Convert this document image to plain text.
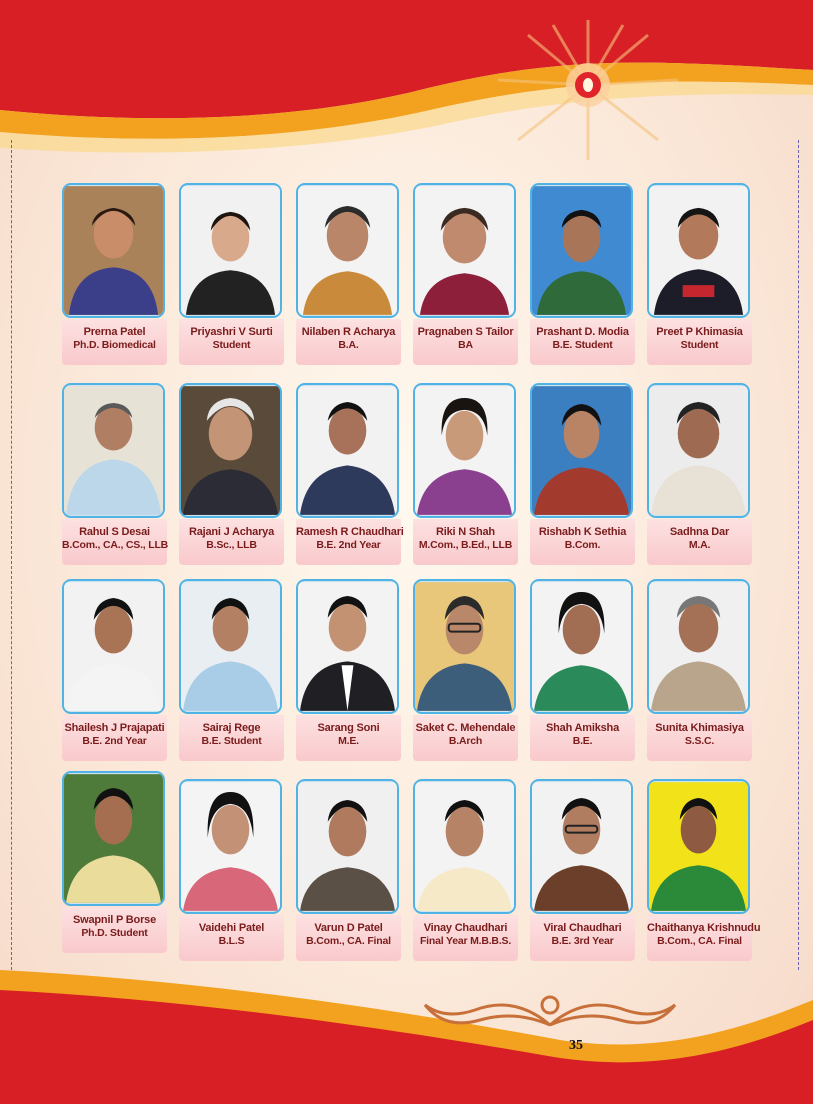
Prerna Patel
Ph.D. Biomedical
Priyashri V Surti
Student
Nilaben R Acharya
B.A.
Pragnaben S Tailor
BA
Prashant D. Modia
B.E. Student
Preet P Khimasia
Student
Rahul S Desai
B.Com., CA., CS., LLB
Rajani J Acharya
B.Sc., LLB
Ramesh R Chaudhari
B.E. 2nd Year
Riki N Shah
M.Com., B.Ed., LLB
Rishabh K Sethia
B.Com.
Sadhna Dar
M.A.
Shailesh J Prajapati
B.E. 2nd Year
Sairaj Rege
B.E. Student
Sarang Soni
M.E.
Saket C. Mehendale
B.Arch
Shah Amiksha
B.E.
Sunita Khimasiya
S.S.C.
Swapnil P Borse
Ph.D. Student	Vaidehi Patel
B.L.S
Varun D Patel
B.Com., CA. Final
Vinay Chaudhari
Final Year M.B.B.S.
Viral Chaudhari
B.E. 3rd Year
Chaithanya Krishnudu
B.Com., CA. Final
35
